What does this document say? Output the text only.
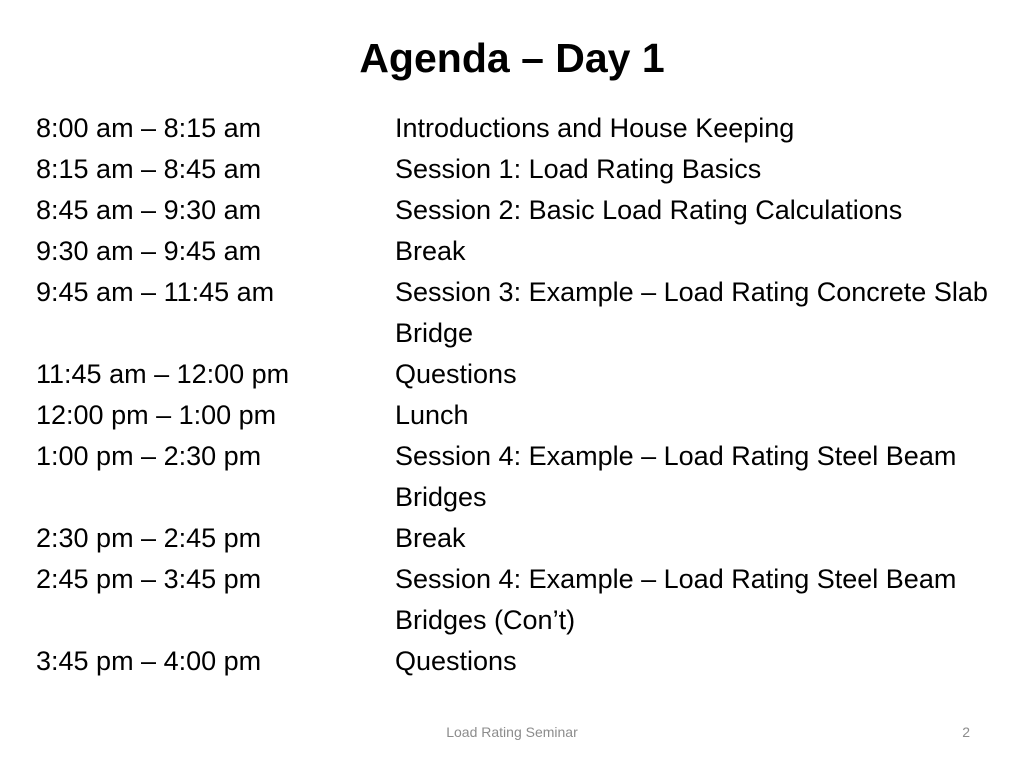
Agenda – Day 1
8:00 am – 8:15 am	Introductions and House Keeping
8:15 am – 8:45 am	Session 1: Load Rating Basics
8:45 am – 9:30 am	Session 2: Basic Load Rating Calculations
9:30 am – 9:45 am	Break
9:45 am – 11:45 am	Session 3: Example – Load Rating Concrete Slab Bridge
11:45 am – 12:00 pm	Questions
12:00 pm – 1:00 pm	Lunch
1:00 pm – 2:30 pm	Session 4: Example – Load Rating Steel Beam Bridges
2:30 pm – 2:45 pm	Break
2:45 pm – 3:45 pm	Session 4: Example – Load Rating Steel Beam Bridges (Con’t)
3:45 pm – 4:00 pm	Questions
Load Rating Seminar	2
